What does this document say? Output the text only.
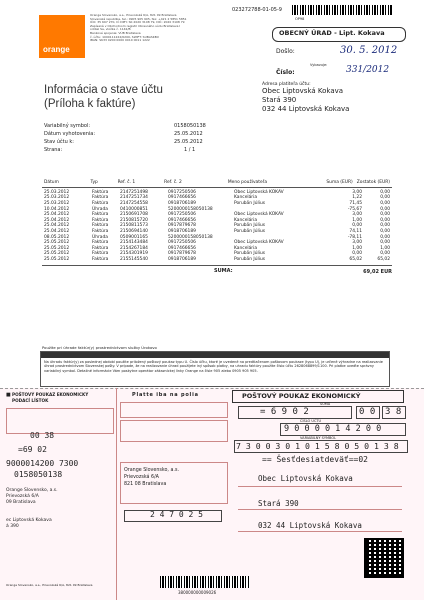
orange
Orange Slovensko, a.s., Prievozská 6/A, 821 09 Bratislava
Slovenská republika, tel.: 0905 905 905, fax: +421 2 5851 5851
IČO: 35 697 270, IČ DPH: SK 2020 3108 79, DIČ: 2020 3108 79
Zapísaná v Obchodnom registri Okresného súdu Bratislava I
oddiel Sa, vložka č. 1142/B
Bankové spojenie: VÚB Bratislava
č. účtu: 1000111222/0200, SWIFT: SUBASKBX
IBAN: SK33 0200 0000 0010 0011 1222
023272788-01-05-9
OP98
OBECNÝ ÚRAD - Lipt. Kokava
Došlo:	30. 5. 2012
Číslo:	331/2012
Vybavuje:
Informácia o stave účtu
(Príloha k faktúre)
Variabilný symbol:	0158050138
Dátum vyhotovenia:	25.05.2012
Stav účtu k:	25.05.2012
Strana:	1 / 1
Adresa platiteľa účtu:
Obec Liptovská Kokava
Stará 390
032 44 Liptovská Kokava
Dátum	Typ	Ref. č. 1	Ref. č. 2	Meno používateľa	Suma (EUR)	Zostatok (EUR)
25.03.2012	Faktúra	2147251498	0917250506	Obec Liptovská KOKAV	3,00	0,00
25.03.2012	Faktúra	2147251734	0917466656	Kancelária	1,22	0,00
25.03.2012	Faktúra	2147254558	0918706189	Porubän Július	71,45	0,00
10.04.2012	Úhrada	0410000851	5200000158050138		-75,67	0,00
25.04.2012	Faktúra	2150691708	0917250506	Obec Liptovská KOKAV	3,00	0,00
25.04.2012	Faktúra	2150815720	0917466656	Kancelária	1,00	0,00
25.04.2012	Faktúra	2150811573	0917879678	Porubän Július	0,00	0,00
25.04.2012	Faktúra	2150694140	0918706189	Porubän Július	74,11	0,00
08.05.2012	Úhrada	0509001165	5200000158050138		-78,11	0,00
25.05.2012	Faktúra	2154143484	0917250506	Obec Liptovská KOKAV	3,00	0,00
25.05.2012	Faktúra	2154267184	0917466656	Kancelária	1,00	1,00
25.05.2012	Faktúra	2154301919	0917879678	Porubän Július	0,00	0,00
25.05.2012	Faktúra	2155145540	0918706189	Porubän Július	65,02	65,02
SUMA:	69,02 EUR
Použite pri úhrade faktúr(y) prostredníctvom služby Úrokovo
Na úhradu faktúr(y) za poslednej období použite priložený poštový poukaz typu U. Číslo účtu, ktoré je uvedené na predtlačenom poštovom poukaze (typu U), je určené výhradne na realizovanie úhrad prostredníctvom Slovenskej pošty. V prípade, že na realizovanie úhrad použijete iný spôsob platby, na uhradu faktúry použite číslo účtu 2628068899/1100. Pri platbe uveďte správny variabilný symbol. Detailné informácie Vám poskytne operátor zákazníckej linky Orange na čísle 905 alebo 0905 905 905.
■ POŠTOVÝ POUKAZ EKONOMICKÝ
PODACÍ LÍSTOK
00 38
=69 02
9000014200 7300
0158050138
Orange Slovensko, a.s.
Prievozská 6/A
09 Bratislava
ec Liptovská Kokava
á 390
Platte iba na polia	POŠTOVÝ POUKAZ EKONOMICKÝ
SUMA
= 6 9 0 2	0 0 3 8
ČÍSLO ÚČTU
9 0 0 0 0 1 4 2 0 0
VARIABILNÝ SYMBOL
7 3 0 0 3 0 1 0 1 5 8 0 5 0 1 3 8
== Šesťdesiatdeväť==02
Orange Slovensko, a.s.
Prievozská 6/A
821 08 Bratislava
2 4 7 0 2 5
Obec Liptovská Kokava
Stará 390
032 44 Liptovská Kokava
380000000009026
Orange Slovensko, a.s., Prievozská 6/A, 821 09 Bratislava
